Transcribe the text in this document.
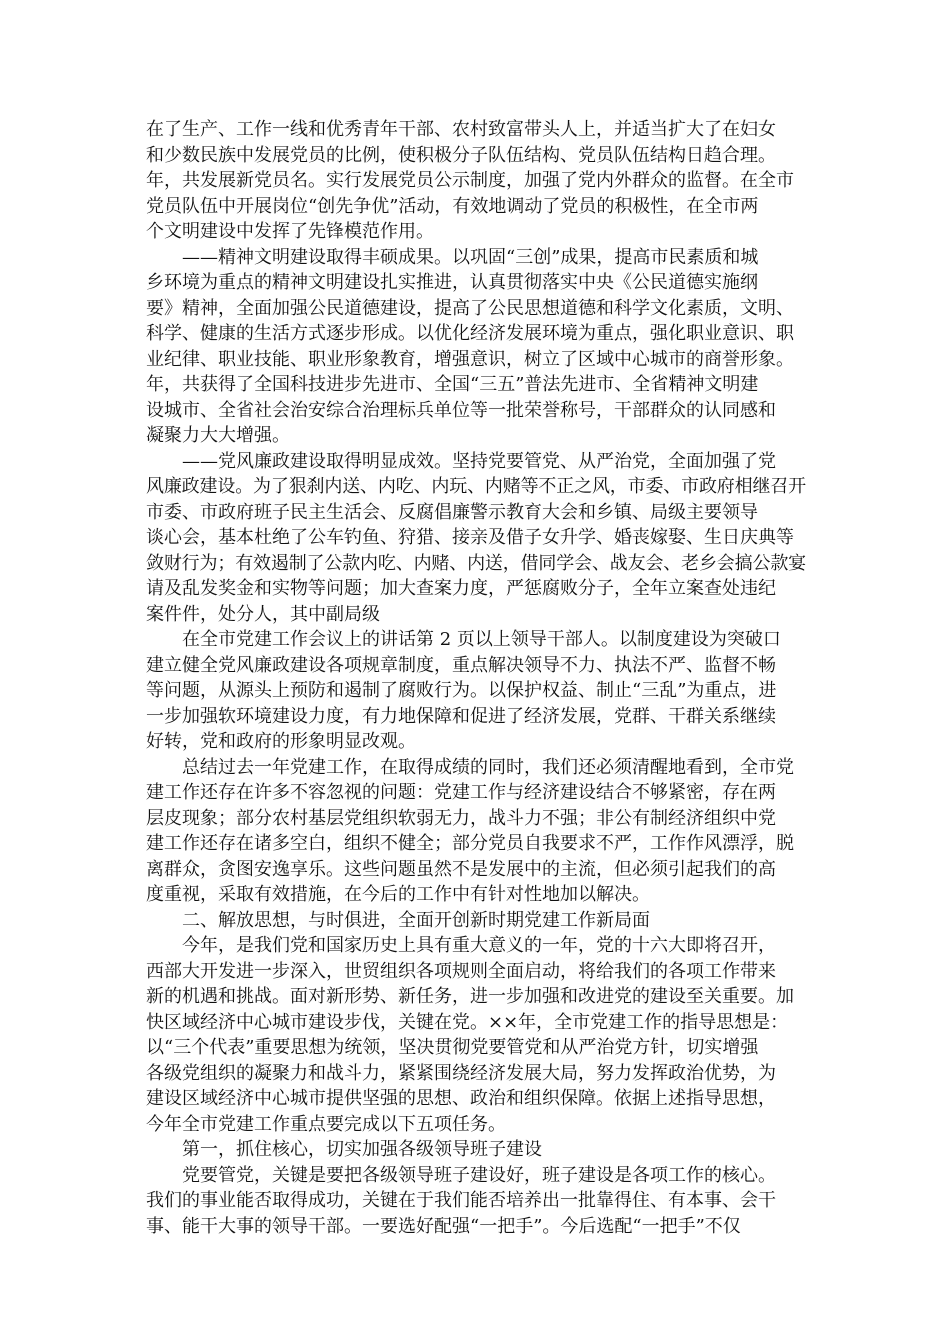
在了生产、工作一线和优秀青年干部、农村致富带头人上，并适当扩大了在妇女
和少数民族中发展党员的比例，使积极分子队伍结构、党员队伍结构日趋合理。
年，共发展新党员名。实行发展党员公示制度，加强了党内外群众的监督。在全市
党员队伍中开展岗位“创先争优”活动，有效地调动了党员的积极性，在全市两
个文明建设中发挥了先锋模范作用。
——精神文明建设取得丰硕成果。以巩固“三创”成果，提高市民素质和城
乡环境为重点的精神文明建设扎实推进，认真贯彻落实中央《公民道德实施纲
要》精神，全面加强公民道德建设，提高了公民思想道德和科学文化素质，文明、
科学、健康的生活方式逐步形成。以优化经济发展环境为重点，强化职业意识、职
业纪律、职业技能、职业形象教育，增强意识，树立了区域中心城市的商誉形象。
年，共获得了全国科技进步先进市、全国“三五”普法先进市、全省精神文明建
设城市、全省社会治安综合治理标兵单位等一批荣誉称号，干部群众的认同感和
凝聚力大大增强。
——党风廉政建设取得明显成效。坚持党要管党、从严治党，全面加强了党
风廉政建设。为了狠刹内送、内吃、内玩、内赌等不正之风，市委、市政府相继召开
市委、市政府班子民主生活会、反腐倡廉警示教育大会和乡镇、局级主要领导
谈心会，基本杜绝了公车钓鱼、狩猎、接亲及借子女升学、婚丧嫁娶、生日庆典等
敛财行为；有效遏制了公款内吃、内赌、内送，借同学会、战友会、老乡会搞公款宴
请及乱发奖金和实物等问题；加大查案力度，严惩腐败分子，全年立案查处违纪
案件件，处分人，其中副局级
在全市党建工作会议上的讲话第 2 页以上领导干部人。以制度建设为突破口
建立健全党风廉政建设各项规章制度，重点解决领导不力、执法不严、监督不畅
等问题，从源头上预防和遏制了腐败行为。以保护权益、制止“三乱”为重点，进
一步加强软环境建设力度，有力地保障和促进了经济发展，党群、干群关系继续
好转，党和政府的形象明显改观。
总结过去一年党建工作，在取得成绩的同时，我们还必须清醒地看到，全市党
建工作还存在许多不容忽视的问题：党建工作与经济建设结合不够紧密，存在两
层皮现象；部分农村基层党组织软弱无力，战斗力不强；非公有制经济组织中党
建工作还存在诸多空白，组织不健全；部分党员自我要求不严，工作作风漂浮，脱
离群众，贪图安逸享乐。这些问题虽然不是发展中的主流，但必须引起我们的高
度重视，采取有效措施，在今后的工作中有针对性地加以解决。
二、解放思想，与时俱进，全面开创新时期党建工作新局面
今年，是我们党和国家历史上具有重大意义的一年，党的十六大即将召开，
西部大开发进一步深入，世贸组织各项规则全面启动，将给我们的各项工作带来
新的机遇和挑战。面对新形势、新任务，进一步加强和改进党的建设至关重要。加
快区域经济中心城市建设步伐，关键在党。××年，全市党建工作的指导思想是：
以“三个代表”重要思想为统领，坚决贯彻党要管党和从严治党方针，切实增强
各级党组织的凝聚力和战斗力，紧紧围绕经济发展大局，努力发挥政治优势，为
建设区域经济中心城市提供坚强的思想、政治和组织保障。依据上述指导思想，
今年全市党建工作重点要完成以下五项任务。
第一，抓住核心，切实加强各级领导班子建设
党要管党，关键是要把各级领导班子建设好，班子建设是各项工作的核心。
我们的事业能否取得成功，关键在于我们能否培养出一批靠得住、有本事、会干
事、能干大事的领导干部。一要选好配强“一把手”。今后选配“一把手”不仅
